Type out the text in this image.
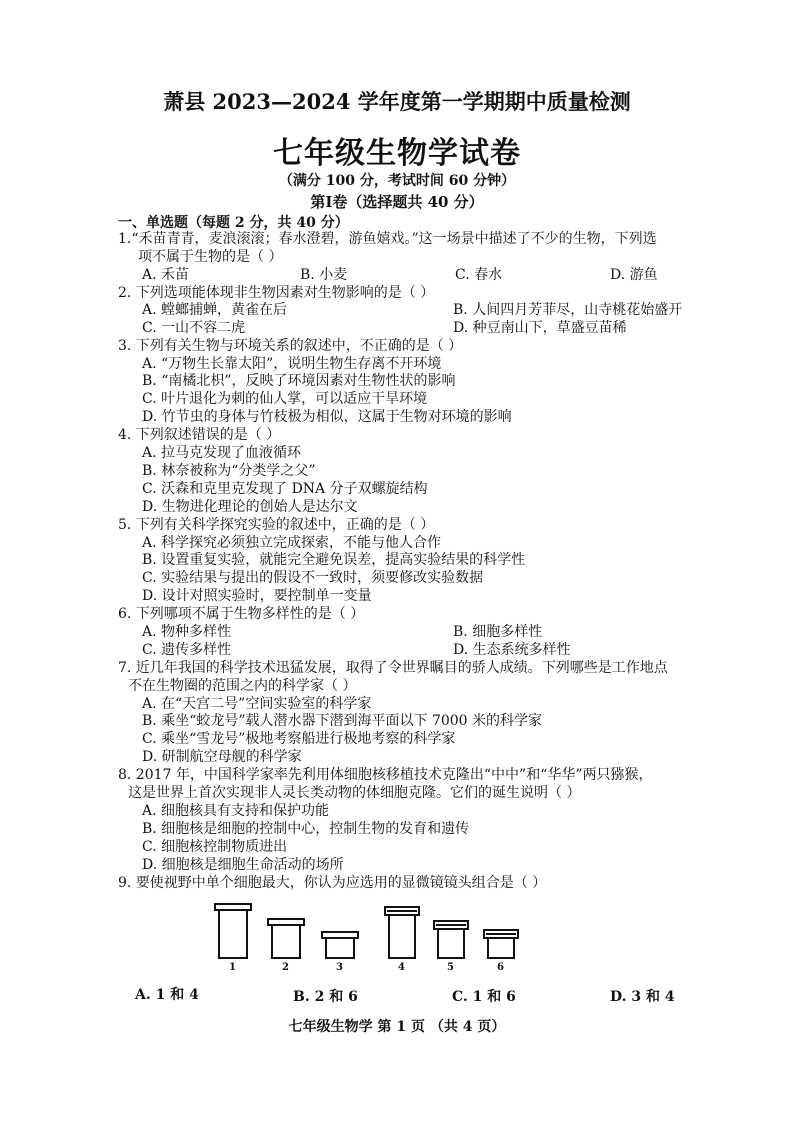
萧县 2023—2024 学年度第一学期期中质量检测
七年级生物学试卷
（满分 100 分，考试时间 60 分钟）
第Ⅰ卷（选择题共 40 分）
一、单选题（每题 2 分，共 40 分）
1.“禾苗青青，麦浪滚滚；春水澄碧，游鱼嬉戏。”这一场景中描述了不少的生物，下列选
项不属于生物的是（ ）
A. 禾苗	B. 小麦	C. 春水	D. 游鱼
2. 下列选项能体现非生物因素对生物影响的是（ ）
A. 螳螂捕蝉，黄雀在后	B. 人间四月芳菲尽，山寺桃花始盛开
C. 一山不容二虎	D. 种豆南山下，草盛豆苗稀
3. 下列有关生物与环境关系的叙述中，不正确的是（ ）
A. “万物生长靠太阳”，说明生物生存离不开环境
B. “南橘北枳”，反映了环境因素对生物性状的影响
C. 叶片退化为刺的仙人掌，可以适应干旱环境
D. 竹节虫的身体与竹枝极为相似，这属于生物对环境的影响
4. 下列叙述错误的是（ ）
A. 拉马克发现了血液循环
B. 林奈被称为“分类学之父”
C. 沃森和克里克发现了 DNA 分子双螺旋结构
D. 生物进化理论的创始人是达尔文
5. 下列有关科学探究实验的叙述中，正确的是（ ）
A. 科学探究必须独立完成探索，不能与他人合作
B. 设置重复实验，就能完全避免误差，提高实验结果的科学性
C. 实验结果与提出的假设不一致时，须要修改实验数据
D. 设计对照实验时，要控制单一变量
6. 下列哪项不属于生物多样性的是（ ）
A. 物种多样性	B. 细胞多样性
C. 遗传多样性	D. 生态系统多样性
7. 近几年我国的科学技术迅猛发展，取得了令世界瞩目的骄人成绩。下列哪些是工作地点
不在生物圈的范围之内的科学家（ ）
A. 在“天宫二号”空间实验室的科学家
B. 乘坐“蛟龙号”载人潜水器下潜到海平面以下 7000 米的科学家
C. 乘坐“雪龙号”极地考察船进行极地考察的科学家
D. 研制航空母舰的科学家
8. 2017 年，中国科学家率先利用体细胞核移植技术克隆出“中中”和“华华”两只猕猴，
这是世界上首次实现非人灵长类动物的体细胞克隆。它们的诞生说明（ ）
A. 细胞核具有支持和保护功能
B. 细胞核是细胞的控制中心，控制生物的发育和遗传
C. 细胞核控制物质进出
D. 细胞核是细胞生命活动的场所
9. 要使视野中单个细胞最大，你认为应选用的显微镜镜头组合是（ ）
1	2	3	4	5	6
A. 1 和 4	B. 2 和 6	C. 1 和 6	D. 3 和 4
七年级生物学 第 1 页 （共 4 页）
